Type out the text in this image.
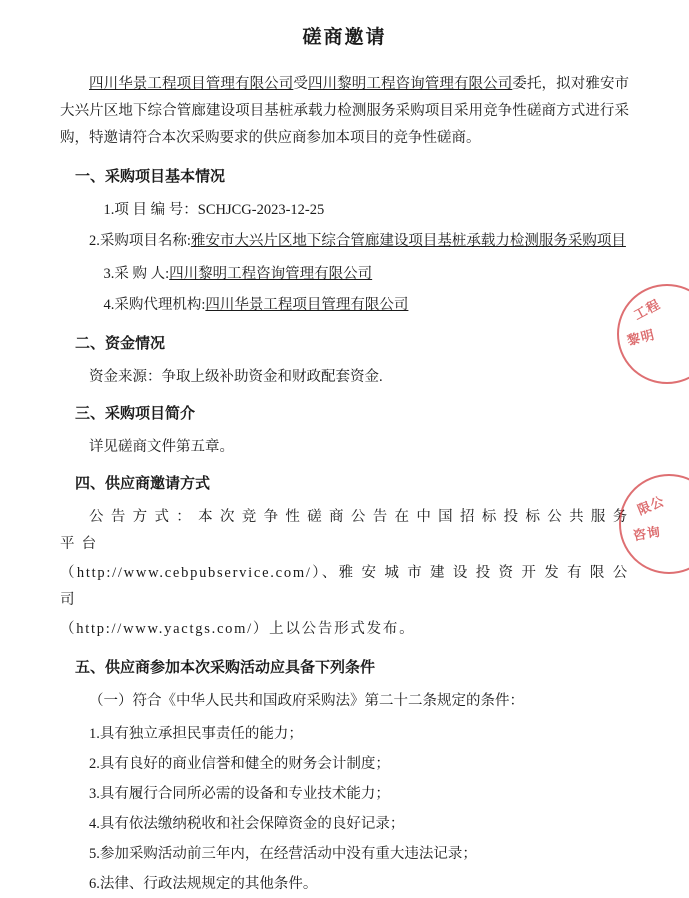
磋商邀请

四川华景工程项目管理有限公司受四川黎明工程咨询管理有限公司委托，拟对雅安市大兴片区地下综合管廊建设项目基桩承载力检测服务采购项目采用竞争性磋商方式进行采购，特邀请符合本次采购要求的供应商参加本项目的竞争性磋商。

一、采购项目基本情况

1.项 目 编 号：SCHJCG-2023-12-25

2.采购项目名称:雅安市大兴片区地下综合管廊建设项目基桩承载力检测服务采购项目

3.采 购 人:四川黎明工程咨询管理有限公司

4.采购代理机构:四川华景工程项目管理有限公司

二、资金情况

资金来源：争取上级补助资金和财政配套资金.

三、采购项目简介

详见磋商文件第五章。

四、供应商邀请方式

公 告 方 式 ： 本 次 竞 争 性 磋 商 公 告 在 中 国 招 标 投 标 公 共 服 务 平 台

（http://www.cebpubservice.com/）、雅 安 城 市 建 设 投 资 开 发 有 限 公 司

（http://www.yactgs.com/）上以公告形式发布。

五、供应商参加本次采购活动应具备下列条件

（一）符合《中华人民共和国政府采购法》第二十二条规定的条件：

1.具有独立承担民事责任的能力；

2.具有良好的商业信誉和健全的财务会计制度；

3.具有履行合同所必需的设备和专业技术能力；

4.具有依法缴纳税收和社会保障资金的良好记录；

5.参加采购活动前三年内，在经营活动中没有重大违法记录；

6.法律、行政法规规定的其他条件。

工程
黎明
限公
咨询
